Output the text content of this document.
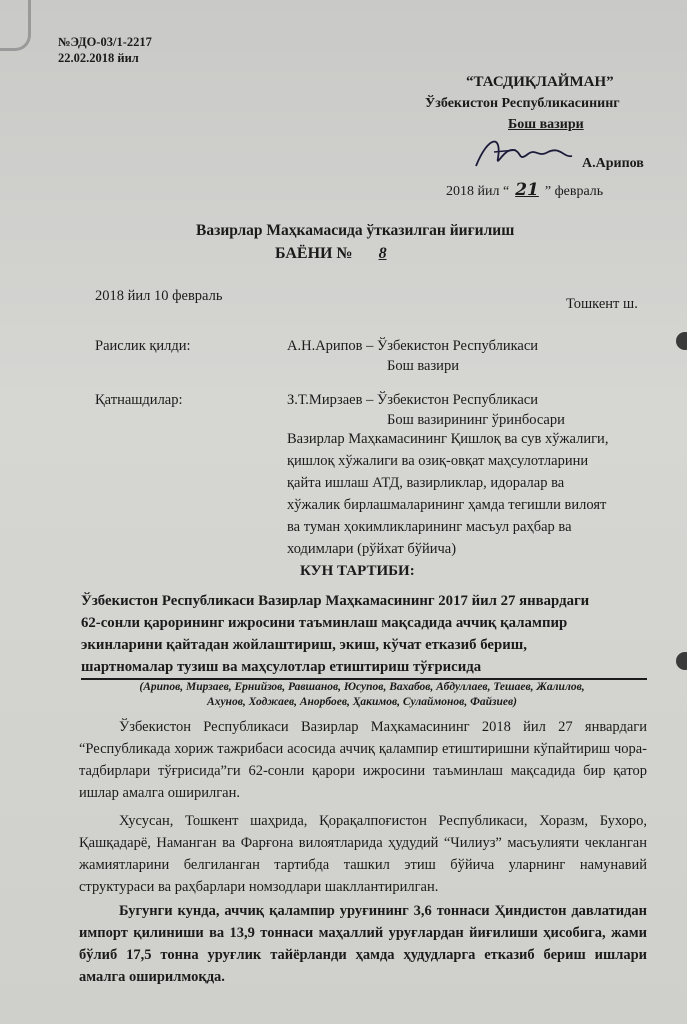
№ЭДО-03/1-2217
22.02.2018 йил
“ТАСДИҚЛАЙМАН”
Ўзбекистон Республикасининг
Бош вазири
А.Арипов
2018 йил “ 21 ” февраль
Вазирлар Маҳкамасида ўтказилган йиғилиш
БАЁНИ № 8
2018 йил 10 февраль	Тошкент ш.
Раислик қилди:	А.Н.Арипов – Ўзбекистон Республикаси
Бош вазири
Қатнашдилар:	З.Т.Мирзаев – Ўзбекистон Республикаси
Бош вазирининг ўринбосари
Вазирлар Маҳкамасининг Қишлоқ ва сув хўжалиги,
қишлоқ хўжалиги ва озиқ-овқат маҳсулотларини
қайта ишлаш АТД, вазирликлар, идоралар ва
хўжалик бирлашмаларининг ҳамда тегишли вилоят
ва туман ҳокимликларининг масъул раҳбар ва
ходимлари (рўйхат бўйича)
КУН ТАРТИБИ:
Ўзбекистон Республикаси Вазирлар Маҳкамасининг 2017 йил 27 январдаги
62-сонли қарорининг ижросини таъминлаш мақсадида аччиқ қалампир
экинларини қайтадан жойлаштириш, экиш, кўчат етказиб бериш,
шартномалар тузиш ва маҳсулотлар етиштириш тўғрисида
(Арипов, Мирзаев, Ернийзов, Равшанов, Юсупов, Вахабов, Абдуллаев, Тешаев, Жалилов,
Ахунов, Ходжаев, Анорбоев, Ҳакимов, Сулаймонов, Файзиев)
Ўзбекистон Республикаси Вазирлар Маҳкамасининг 2018 йил 27 январдаги “Республикада хориж тажрибаси асосида аччиқ қалампир етиштиришни кўпайтириш чора-тадбирлари тўғрисида”ги 62-сонли қарори ижросини таъминлаш мақсадида бир қатор ишлар амалга оширилган.
Хусусан, Тошкент шаҳрида, Қорақалпоғистон Республикаси, Хоразм, Бухоро, Қашқадарё, Наманган ва Фарғона вилоятларида ҳудудий “Чилиуз” масъулияти чекланган жамиятларини белгиланган тартибда ташкил этиш бўйича уларнинг намунавий структураси ва раҳбарлари номзодлари шакллантирилган.
Бугунги кунда, аччиқ қалампир уруғининг 3,6 тоннаси Ҳиндистон давлатидан импорт қилиниши ва 13,9 тоннаси маҳаллий уруғлардан йиғилиши ҳисобига, жами бўлиб 17,5 тонна уруғлик тайёрланди ҳамда ҳудудларга етказиб бериш ишлари амалга оширилмоқда.
